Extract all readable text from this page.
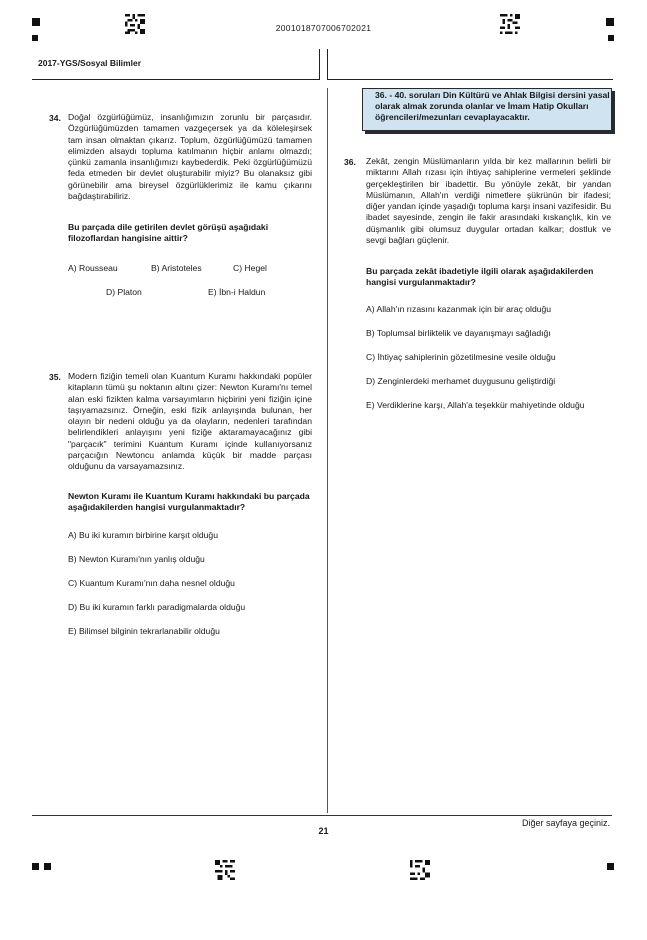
2001018707006702021
2017-YGS/Sosyal Bilimler
34. Doğal özgürlüğümüz, insanlığımızın zorunlu bir parçasıdır. Özgürlüğümüzden tamamen vazgeçersek ya da köleleşirsek tam insan olmaktan çıkarız. Toplum, özgürlüğümüzü tamamen elimizden alsaydı topluma katılmanın hiçbir anlamı olmazdı; çünkü zamanla insanlığımızı kaybederdik. Peki özgürlüğümüzü feda etmeden bir devlet oluşturabilir miyiz? Bu olanaksız gibi görünebilir ama bireysel özgürlüklerimiz ile kamu çıkarını bağdaştırabiliriz.
Bu parçada dile getirilen devlet görüşü aşağıdaki filozoflardan hangisine aittir?
A) Rousseau	B) Aristoteles	C) Hegel
D) Platon	E) İbn-i Haldun
35. Modern fiziğin temeli olan Kuantum Kuramı hakkındaki popüler kitapların tümü şu noktanın altını çizer: Newton Kuramı'nı temel alan eski fizikten kalma varsayımların hiçbirini yeni fiziğin içine taşıyamazsınız. Örneğin, eski fizik anlayışında bulunan, her olayın bir nedeni olduğu ya da olayların, nedenleri tarafından belirlendikleri anlayışını yeni fiziğe aktaramayacağınız gibi "parçacık" terimini Kuantum Kuramı içinde kullanıyorsanız parçacığın Newtoncu anlamda küçük bir madde parçası olduğunu da varsayamazsınız.
Newton Kuramı ile Kuantum Kuramı hakkındaki bu parçada aşağıdakilerden hangisi vurgulanmaktadır?
A) Bu iki kuramın birbirine karşıt olduğu
B) Newton Kuramı'nın yanlış olduğu
C) Kuantum Kuramı'nın daha nesnel olduğu
D) Bu iki kuramın farklı paradigmalarda olduğu
E) Bilimsel bilginin tekrarlanabilir olduğu
36. - 40. soruları Din Kültürü ve Ahlak Bilgisi dersini yasal olarak almak zorunda olanlar ve İmam Hatip Okulları öğrencileri/mezunları cevaplayacaktır.
36. Zekât, zengin Müslümanların yılda bir kez mallarının belirli bir miktarını Allah rızası için ihtiyaç sahiplerine vermeleri şeklinde gerçekleştirilen bir ibadettir. Bu yönüyle zekât, bir yandan Müslümanın, Allah'ın verdiği nimetlere şükrünün bir ifadesi; diğer yandan içinde yaşadığı topluma karşı insani vazifesidir. Bu ibadet sayesinde, zengin ile fakir arasındaki kıskançlık, kin ve düşmanlık gibi olumsuz duygular ortadan kalkar; dostluk ve sevgi bağları güçlenir.
Bu parçada zekât ibadetiyle ilgili olarak aşağıdakilerden hangisi vurgulanmaktadır?
A) Allah'ın rızasını kazanmak için bir araç olduğu
B) Toplumsal birliktelik ve dayanışmayı sağladığı
C) İhtiyaç sahiplerinin gözetilmesine vesile olduğu
D) Zenginlerdeki merhamet duygusunu geliştirdiği
E) Verdiklerine karşı, Allah'a teşekkür mahiyetinde olduğu
Diğer sayfaya geçiniz.
21
